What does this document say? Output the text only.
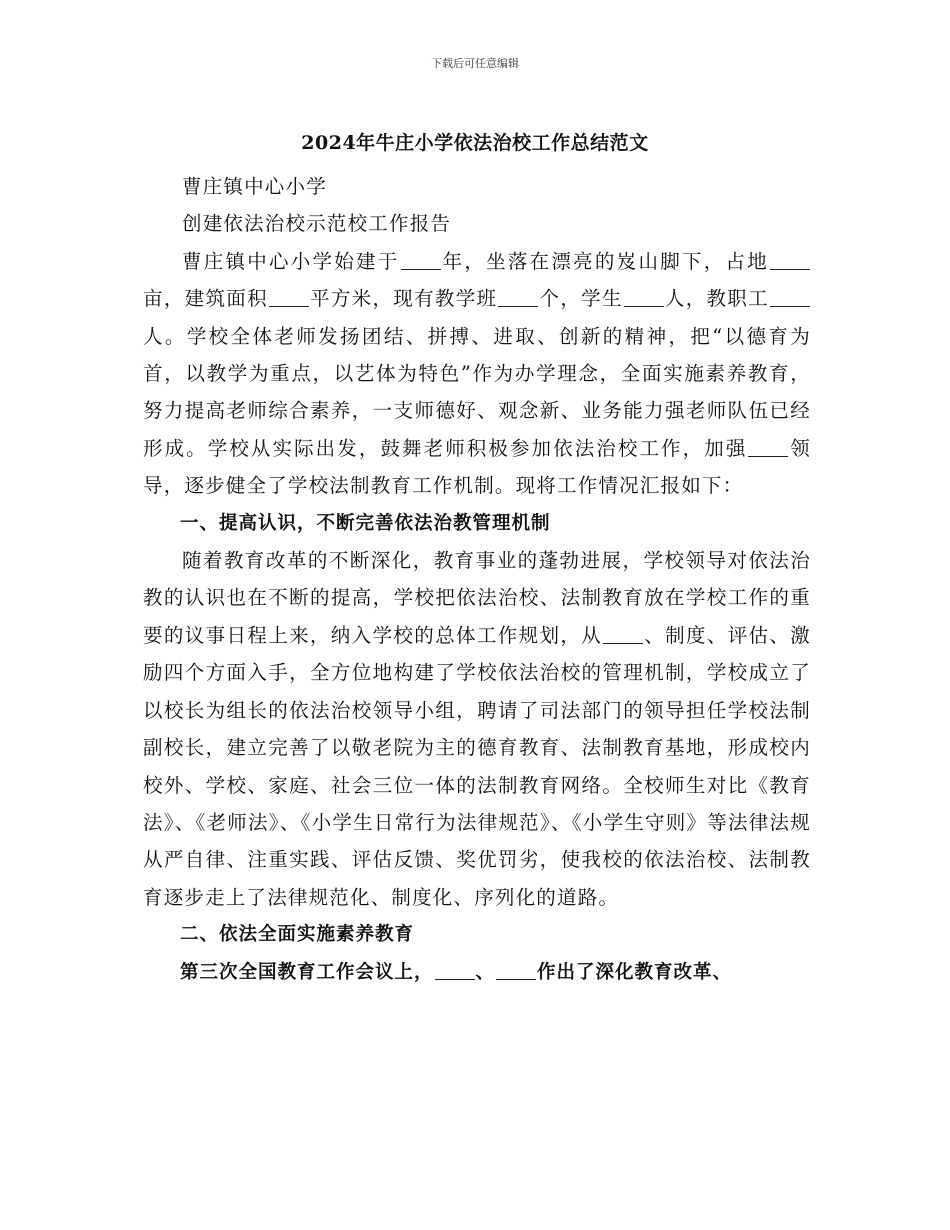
下载后可任意编辑
2024年牛庄小学依法治校工作总结范文

曹庄镇中心小学

创建依法治校示范校工作报告

曹庄镇中心小学始建于 年，坐落在漂亮的岌山脚下，占地亩，建筑面积 平方米，现有教学班 个，学生 人，教职工人。学校全体老师发扬团结、拼搏、进取、创新的精神，把“以德育为首，以教学为重点，以艺体为特色”作为办学理念，全面实施素养教育，努力提高老师综合素养，一支师德好、观念新、业务能力强老师队伍已经形成。学校从实际出发，鼓舞老师积极参加依法治校工作，加强 领导，逐步健全了学校法制教育工作机制。现将工作情况汇报如下：

一、提高认识，不断完善依法治教管理机制

随着教育改革的不断深化，教育事业的蓬勃进展，学校领导对依法治教的认识也在不断的提高，学校把依法治校、法制教育放在学校工作的重要的议事日程上来，纳入学校的总体工作规划，从 、制度、评估、激励四个方面入手，全方位地构建了学校依法治校的管理机制，学校成立了以校长为组长的依法治校领导小组，聘请了司法部门的领导担任学校法制副校长，建立完善了以敬老院为主的德育教育、法制教育基地，形成校内校外、学校、家庭、社会三位一体的法制教育网络。全校师生对比《教育法》、《老师法》、《小学生日常行为法律规范》、《小学生守则》等法律法规从严自律、注重实践、评估反馈、奖优罚劣，使我校的依法治校、法制教育逐步走上了法律规范化、制度化、序列化的道路。

二、依法全面实施素养教育

第三次全国教育工作会议上， 、 作出了深化教育改革、
